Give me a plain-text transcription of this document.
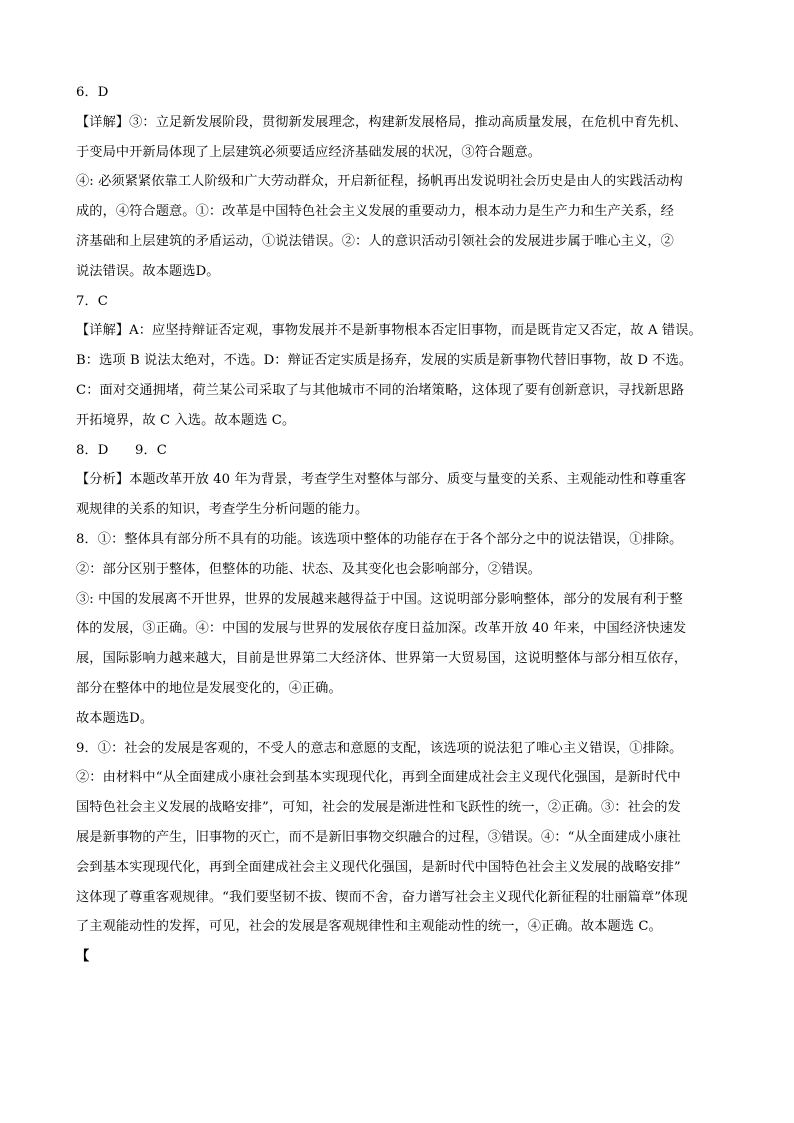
6．D
【详解】③：立足新发展阶段，贯彻新发展理念，构建新发展格局，推动高质量发展，在危机中育先机、
于变局中开新局体现了上层建筑必须要适应经济基础发展的状况，③符合题意。
④: 必须紧紧依靠工人阶级和广大劳动群众，开启新征程，扬帆再出发说明社会历史是由人的实践活动构
成的，④符合题意。①：改革是中国特色社会主义发展的重要动力，根本动力是生产力和生产关系，经
济基础和上层建筑的矛盾运动，①说法错误。②：人的意识活动引领社会的发展进步属于唯心主义，②
说法错误。故本题选D。
7．C
【详解】A：应坚持辩证否定观，事物发展并不是新事物根本否定旧事物，而是既肯定又否定，故 A 错误。
B：选项 B 说法太绝对，不选。D：辩证否定实质是扬弃，发展的实质是新事物代替旧事物，故 D 不选。
C：面对交通拥堵，荷兰某公司采取了与其他城市不同的治堵策略，这体现了要有创新意识，寻找新思路
开拓境界，故 C 入选。故本题选 C。
8．D　　9．C
【分析】本题改革开放 40 年为背景，考查学生对整体与部分、质变与量变的关系、主观能动性和尊重客
观规律的关系的知识，考查学生分析问题的能力。
8．①：整体具有部分所不具有的功能。该选项中整体的功能存在于各个部分之中的说法错误，①排除。
②：部分区别于整体，但整体的功能、状态、及其变化也会影响部分，②错误。
③: 中国的发展离不开世界，世界的发展越来越得益于中国。这说明部分影响整体，部分的发展有利于整
体的发展，③正确。④：中国的发展与世界的发展依存度日益加深。改革开放 40 年来，中国经济快速发
展，国际影响力越来越大，目前是世界第二大经济体、世界第一大贸易国，这说明整体与部分相互依存，
部分在整体中的地位是发展变化的，④正确。
故本题选D。
9．①：社会的发展是客观的，不受人的意志和意愿的支配，该选项的说法犯了唯心主义错误，①排除。
②：由材料中“从全面建成小康社会到基本实现现代化，再到全面建成社会主义现代化强国，是新时代中
国特色社会主义发展的战略安排”，可知，社会的发展是渐进性和飞跃性的统一，②正确。③：社会的发
展是新事物的产生，旧事物的灭亡，而不是新旧事物交织融合的过程，③错误。④：“从全面建成小康社
会到基本实现现代化，再到全面建成社会主义现代化强国，是新时代中国特色社会主义发展的战略安排”
这体现了尊重客观规律。“我们要坚韧不拔、锲而不舍，奋力谱写社会主义现代化新征程的壮丽篇章”体现
了主观能动性的发挥，可见，社会的发展是客观规律性和主观能动性的统一，④正确。故本题选 C。
【
